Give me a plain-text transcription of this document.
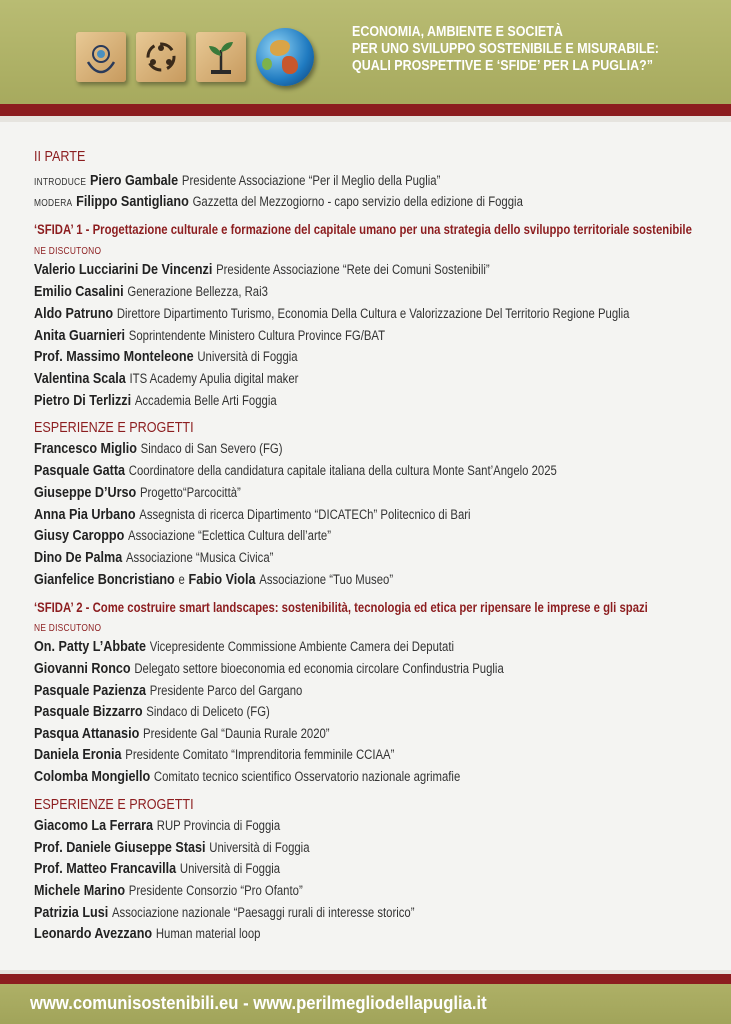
ECONOMIA, AMBIENTE E SOCIETÀ
PER UNO SVILUPPO SOSTENIBILE E MISURABILE:
QUALI PROSPETTIVE E ‘SFIDE’ PER LA PUGLIA?”
II PARTE
INTRODUCE Piero Gambale Presidente Associazione “Per il Meglio della Puglia”
MODERA Filippo Santigliano Gazzetta del Mezzogiorno - capo servizio della edizione di Foggia
‘SFIDA’ 1 - Progettazione culturale e formazione del capitale umano per una strategia dello sviluppo territoriale sostenibile
NE DISCUTONO
Valerio Lucciarini De Vincenzi Presidente Associazione “Rete dei Comuni Sostenibili”
Emilio Casalini Generazione Bellezza, Rai3
Aldo Patruno Direttore Dipartimento Turismo, Economia Della Cultura e Valorizzazione Del Territorio Regione Puglia
Anita Guarnieri Soprintendente Ministero Cultura Province FG/BAT
Prof. Massimo Monteleone Università di Foggia
Valentina Scala ITS Academy Apulia digital maker
Pietro Di Terlizzi Accademia Belle Arti Foggia
ESPERIENZE E PROGETTI
Francesco Miglio Sindaco di San Severo (FG)
Pasquale Gatta Coordinatore della candidatura capitale italiana della cultura Monte Sant’Angelo 2025
Giuseppe D’Urso Progetto“Parcocittà”
Anna Pia Urbano Assegnista di ricerca Dipartimento “DICATECh” Politecnico di Bari
Giusy Caroppo Associazione “Eclettica Cultura dell’arte”
Dino De Palma Associazione “Musica Civica”
Gianfelice Boncristiano e Fabio Viola Associazione “Tuo Museo”
‘SFIDA’ 2 - Come costruire smart landscapes: sostenibilità, tecnologia ed etica per ripensare le imprese e gli spazi
NE DISCUTONO
On. Patty L’Abbate Vicepresidente Commissione Ambiente Camera dei Deputati
Giovanni Ronco Delegato settore bioeconomia ed economia circolare Confindustria Puglia
Pasquale Pazienza Presidente Parco del Gargano
Pasquale Bizzarro Sindaco di Deliceto (FG)
Pasqua Attanasio Presidente Gal “Daunia Rurale 2020”
Daniela Eronia Presidente Comitato “Imprenditoria femminile CCIAA”
Colomba Mongiello Comitato tecnico scientifico Osservatorio nazionale agrimafie
ESPERIENZE E PROGETTI
Giacomo La Ferrara RUP Provincia di Foggia
Prof. Daniele Giuseppe Stasi Università di Foggia
Prof. Matteo Francavilla Università di Foggia
Michele Marino Presidente Consorzio “Pro Ofanto”
Patrizia Lusi Associazione nazionale “Paesaggi rurali di interesse storico”
Leonardo Avezzano Human material loop
www.comunisostenibili.eu - www.perilmegliodellapuglia.it
